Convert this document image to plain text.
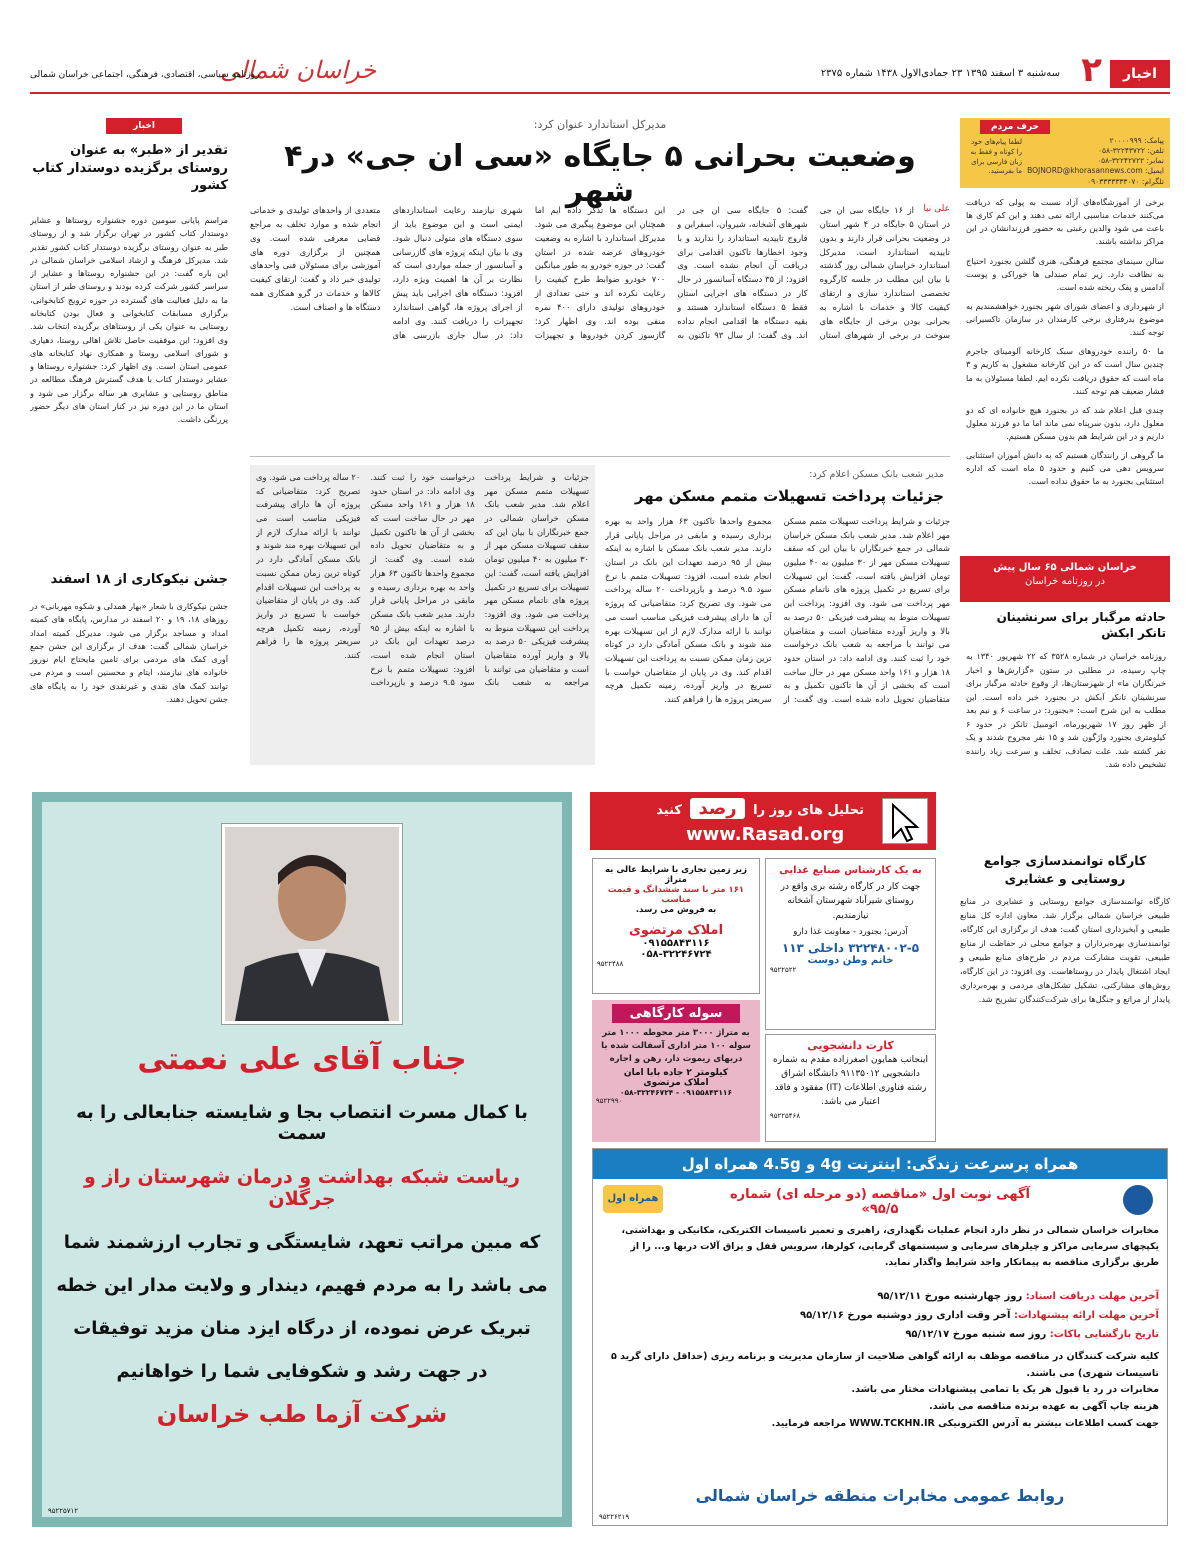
اخبار
۲
سه‌شنبه ۳ اسفند ۱۳۹۵ ۲۳ جمادی‌الاول ۱۴۳۸ شماره ۲۳۷۵
خراسان شمالی
روزنامه سیاسی، اقتصادی، فرهنگی، اجتماعی خراسان شمالی
حرف مردم
پیامک: ۲۰۰۰۰۹۹۹
تلفن: ۳۲۲۴۳۷۲۲-۰۵۸
نمابر: ۳۲۲۴۲۷۲۲-۰۵۸
ایمیل: BOJNORD@khorasannews.com
تلگرام: ۰۹۰۳۳۳۳۳۳۳۰۷۰
لطفا پیام‌های خود را کوتاه و فقط به زبان فارسی برای ما بفرستید.

برخی از آموزشگاه‌های آزاد نسبت به پولی که دریافت می‌کنند خدمات مناسبی ارائه نمی دهند و این کم کاری ها باعث می شود والدین رغبتی به حضور فرزندانشان در این مراکز نداشته باشند.

سالن سینمای مجتمع فرهنگی، هنری گلشن بجنورد احتیاج به نظافت دارد. زیر تمام صندلی ها خوراکی و پوست آدامس و پفک ریخته شده است.

از شهرداری و اعضای شورای شهر بجنورد خواهشمندیم به موضوع بدرفتاری برخی کارمندان در سازمان تاکسیرانی توجه کنند.

ما ۵۰ راننده خودروهای سبک کارخانه آلومینای جاجرم چندین سال است که در این کارخانه مشغول به کاریم و ۳ ماه است که حقوق دریافت نکرده ایم. لطفا مسئولان به ما فشار ضعیف هم توجه کنند.

چندی قبل اعلام شد که در بجنورد هیچ خانواده ای که دو معلول دارد، بدون سرپناه نمی ماند اما ما دو فرزند معلول داریم و در این شرایط هم بدون مسکن هستیم.

ما گروهی از رانندگان هستیم که به دانش آموزان استثنایی سرویس دهی می کنیم و حدود ۵ ماه است که اداره استثنایی بجنورد به ما حقوق نداده است.

خراسان شمالی ۶۵ سال پیش
در روزنامه خراسان
حادثه مرگبار برای سرنشینان تانکر ابکش
روزنامه خراسان در شماره ۳۵۲۸ که ۲۲ شهریور ۱۳۴۰ به چاپ رسیده، در مطلبی در ستون «گزارش‌ها و اخبار خبرنگاران ما» از شهرستان‌ها، از وقوع حادثه مرگبار برای سرنشینان تانکر آبکش در بجنورد خبر داده است. این مطلب به این شرح است: «بجنورد: در ساعت ۶ و نیم بعد از ظهر روز ۱۷ شهریورماه، اتومبیل تانکر در حدود ۶ کیلومتری بجنورد واژگون شد و ۱۵ نفر مجروح شدند و یک نفر کشته شد. علت تصادف، تخلف و سرعت زیاد راننده تشخیص داده شد.
کارگاه توانمندسازی جوامع روستایی و عشایری
کارگاه توانمندسازی جوامع روستایی و عشایری در منابع طبیعی خراسان شمالی برگزار شد. معاون اداره کل منابع طبیعی و آبخیزداری استان گفت: هدف از برگزاری این کارگاه، توانمندسازی بهره‌برداران و جوامع محلی در حفاظت از منابع طبیعی، تقویت مشارکت مردم در طرح‌های منابع طبیعی و ایجاد اشتغال پایدار در روستاهاست. وی افزود: در این کارگاه، روش‌های مشارکتی، تشکیل تشکل‌های مردمی و بهره‌برداری پایدار از مراتع و جنگل‌ها برای شرکت‌کنندگان تشریح شد.
مدیرکل استاندارد عنوان کرد:
وضعیت بحرانی ۵ جایگاه «سی ان جی» در۴ شهر	علی نیا
از ۱۶ جایگاه سی ان جی در استان ۵ جایگاه در ۴ شهر استان در وضعیت بحرانی قرار دارند و بدون تاییدیه استاندارد است. مدیرکل استاندارد خراسان شمالی روز گذشته با بیان این مطلب در جلسه کارگروه تخصصی استاندارد سازی و ارتقای کیفیت کالا و خدمات با اشاره به بحرانی بودن برخی از جایگاه های سوخت در برخی از شهرهای استان گفت: ۵ جایگاه سی ان جی در شهرهای آشخانه، شیروان، اسفراین و فاروج تاییدیه استاندارد را ندارند و با وجود اخطارها تاکنون اقدامی برای دریافت آن انجام نشده است. وی افزود: از ۳۵ دستگاه آسانسور در حال کار در دستگاه های اجرایی استان فقط ۵ دستگاه استاندارد هستند و بقیه دستگاه ها اقدامی انجام نداده اند. وی گفت: از سال ۹۳ تاکنون به این دستگاه ها تذکر داده ایم اما همچنان این موضوع پیگیری می شود. مدیرکل استاندارد با اشاره به وضعیت خودروهای عرضه شده در استان گفت: در حوزه خودرو به طور میانگین ۷۰۰ خودرو ضوابط طرح کیفیت را رعایت نکرده اند و حتی تعدادی از خودروهای تولیدی دارای ۴۰۰ نمره منفی بوده اند. وی اظهار کرد: گازسوز کردن خودروها و تجهیزات شهری نیازمند رعایت استانداردهای ایمنی است و این موضوع باید از سوی دستگاه های متولی دنبال شود. وی با بیان اینکه پروژه های گازرسانی و آسانسور از جمله مواردی است که نظارت بر آن ها اهمیت ویژه دارد، افزود: دستگاه های اجرایی باید پیش از اجرای پروژه ها، گواهی استاندارد تجهیزات را دریافت کنند. وی ادامه داد: در سال جاری بازرسی های متعددی از واحدهای تولیدی و خدماتی انجام شده و موارد تخلف به مراجع قضایی معرفی شده است. وی همچنین از برگزاری دوره های آموزشی برای مسئولان فنی واحدهای تولیدی خبر داد و گفت: ارتقای کیفیت کالاها و خدمات در گرو همکاری همه دستگاه ها و اصناف است.
اخبار
تقدیر از «طبر» به عنوان روستای برگزیده دوستدار کتاب کشور
مراسم پایانی سومین دوره جشنواره روستاها و عشایر دوستدار کتاب کشور در تهران برگزار شد و از روستای طبر به عنوان روستای برگزیده دوستدار کتاب کشور تقدیر شد. مدیرکل فرهنگ و ارشاد اسلامی خراسان شمالی در این باره گفت: در این جشنواره روستاها و عشایر از سراسر کشور شرکت کرده بودند و روستای طبر از استان ما به دلیل فعالیت های گسترده در حوزه ترویج کتابخوانی، برگزاری مسابقات کتابخوانی و فعال بودن کتابخانه روستایی به عنوان یکی از روستاهای برگزیده انتخاب شد. وی افزود: این موفقیت حاصل تلاش اهالی روستا، دهیاری و شورای اسلامی روستا و همکاری نهاد کتابخانه های عمومی استان است. وی اظهار کرد: جشنواره روستاها و عشایر دوستدار کتاب با هدف گسترش فرهنگ مطالعه در مناطق روستایی و عشایری هر ساله برگزار می شود و استان ما در این دوره نیز در کنار استان های دیگر حضور پررنگی داشت.
جشن نیکوکاری از ۱۸ اسفند
جشن نیکوکاری با شعار «بهار همدلی و شکوه مهربانی» در روزهای ۱۸، ۱۹ و ۲۰ اسفند در مدارس، پایگاه های کمیته امداد و مساجد برگزار می شود. مدیرکل کمیته امداد خراسان شمالی گفت: هدف از برگزاری این جشن جمع آوری کمک های مردمی برای تامین مایحتاج ایام نوروز خانواده های نیازمند، ایتام و محسنین است و مردم می توانند کمک های نقدی و غیرنقدی خود را به پایگاه های جشن تحویل دهند.
جزئیات و شرایط پرداخت تسهیلات متمم مسکن مهر اعلام شد. مدیر شعب بانک مسکن خراسان شمالی در جمع خبرنگاران با بیان این که سقف تسهیلات مسکن مهر از ۳۰ میلیون به ۴۰ میلیون تومان افزایش یافته است، گفت: این تسهیلات برای تسریع در تکمیل پروژه های ناتمام مسکن مهر پرداخت می شود. وی افزود: پرداخت این تسهیلات منوط به پیشرفت فیزیکی ۵۰ درصد به بالا و واریز آورده متقاضیان است و متقاضیان می توانند با مراجعه به شعب بانک درخواست خود را ثبت کنند. وی ادامه داد: در استان حدود ۱۸ هزار و ۱۶۱ واحد مسکن مهر در حال ساخت است که بخشی از آن ها تاکنون تکمیل و به متقاضیان تحویل داده شده است. وی گفت: از مجموع واحدها تاکنون ۶۳ هزار واحد به بهره برداری رسیده و مابقی در مراحل پایانی قرار دارند. مدیر شعب بانک مسکن با اشاره به اینکه بیش از ۹۵ درصد تعهدات این بانک در استان انجام شده است، افزود: تسهیلات متمم با نرخ سود ۹.۵ درصد و بازپرداخت ۲۰ ساله پرداخت می شود. وی تصریح کرد: متقاضیانی که پروژه آن ها دارای پیشرفت فیزیکی مناسب است می توانند با ارائه مدارک لازم از این تسهیلات بهره مند شوند و بانک مسکن آمادگی دارد در کوتاه ترین زمان ممکن نسبت به پرداخت این تسهیلات اقدام کند. وی در پایان از متقاضیان خواست با تسریع در واریز آورده، زمینه تکمیل هرچه سریعتر پروژه ها را فراهم کنند.
مدیر شعب بانک مسکن اعلام کرد:
جزئیات پرداخت تسهیلات متمم مسکن مهر
جزئیات و شرایط پرداخت تسهیلات متمم مسکن مهر اعلام شد. مدیر شعب بانک مسکن خراسان شمالی در جمع خبرنگاران با بیان این که سقف تسهیلات مسکن مهر از ۳۰ میلیون به ۴۰ میلیون تومان افزایش یافته است، گفت: این تسهیلات برای تسریع در تکمیل پروژه های ناتمام مسکن مهر پرداخت می شود. وی افزود: پرداخت این تسهیلات منوط به پیشرفت فیزیکی ۵۰ درصد به بالا و واریز آورده متقاضیان است و متقاضیان می توانند با مراجعه به شعب بانک درخواست خود را ثبت کنند. وی ادامه داد: در استان حدود ۱۸ هزار و ۱۶۱ واحد مسکن مهر در حال ساخت است که بخشی از آن ها تاکنون تکمیل و به متقاضیان تحویل داده شده است. وی گفت: از مجموع واحدها تاکنون ۶۳ هزار واحد به بهره برداری رسیده و مابقی در مراحل پایانی قرار دارند. مدیر شعب بانک مسکن با اشاره به اینکه بیش از ۹۵ درصد تعهدات این بانک در استان انجام شده است، افزود: تسهیلات متمم با نرخ سود ۹.۵ درصد و بازپرداخت ۲۰ ساله پرداخت می شود. وی تصریح کرد: متقاضیانی که پروژه آن ها دارای پیشرفت فیزیکی مناسب است می توانند با ارائه مدارک لازم از این تسهیلات بهره مند شوند و بانک مسکن آمادگی دارد در کوتاه ترین زمان ممکن نسبت به پرداخت این تسهیلات اقدام کند. وی در پایان از متقاضیان خواست با تسریع در واریز آورده، زمینه تکمیل هرچه سریعتر پروژه ها را فراهم کنند.
تحلیل های روز را رصد کنید
www.Rasad.org
به یک کارشناس صنایع غذایی
جهت کار در کارگاه رشته بری واقع در روستای شیرآباد شهرستان آشخانه نیازمندیم.
آدرس: بجنورد - معاونت غذا دارو
۳۲۲۴۸۰۰۲-۵ داخلی ۱۱۳
خانم وطن دوست
۹۵۲۲۵۲۲
زیر زمین تجاری با شرایط عالی به متراژ
۱۶۱ متر با سند ششدانگ و قیمت مناسب
به فروش می رسد.
املاک مرتضوی
۰۹۱۵۵۸۴۳۱۱۶
۰۵۸-۳۲۲۴۶۷۲۴
۹۵۲۲۴۸۸
کارت دانشجویی
اینجانب همایون اصغرزاده مقدم به شماره دانشجویی ۹۱۱۳۵۰۱۲ دانشگاه اشراق رشته فناوری اطلاعات (IT) مفقود و فاقد اعتبار می باشد.
۹۵۲۲۵۴۶۸
سوله کارگاهی
به متراژ ۳۰۰۰ متر محوطه ۱۰۰۰ متر سوله ۱۰۰ متر اداری آسفالت شده با دربهای ریموت دار، رهن و اجاره
کیلومتر ۲ جاده بابا امان
املاک مرتضوی
۰۹۱۵۵۸۴۳۱۱۶ - ۰۵۸-۳۲۲۴۶۷۲۴
۹۵۲۲۹۹۰
جناب آقای علی نعمتی
با کمال مسرت انتصاب بجا و شایسته جنابعالی را به سمت
ریاست شبکه بهداشت و درمان شهرستان راز و جرگلان
که مبین مراتب تعهد، شایستگی و تجارب ارزشمند شما
می باشد را به مردم فهیم، دیندار و ولایت مدار این خطه
تبریک عرض نموده، از درگاه ایزد منان مزید توفیقات
در جهت رشد و شکوفایی شما را خواهانیم
شرکت آزما طب خراسان
۹۵۲۲۵۷۱۲
همراه پرسرعت زندگی: اینترنت 4g و 4.5g همراه اول
آگهی نوبت اول «مناقصه (دو مرحله ای) شماره ۹۵/۵»
همراه اول
مخابرات خراسان شمالی در نظر دارد انجام عملیات نگهداری، راهبری و تعمیر تاسیسات الکتریکی، مکانیکی و بهداشتی، یکپچهای سرمایی مراکز و چیلرهای سرمایی و سیستمهای گرمایی، کولرها، سرویس قفل و یراق آلات دربها و... را از طریق برگزاری مناقصه به پیمانکار واجد شرایط واگذار نماید.
آخرین مهلت دریافت اسناد: روز چهارشنبه مورخ ۹۵/۱۲/۱۱
آخرین مهلت ارائه پیشنهادات: آخر وقت اداری روز دوشنبه مورخ ۹۵/۱۲/۱۶
تاریخ بازگشایی پاکات: روز سه شنبه مورخ ۹۵/۱۲/۱۷
کلیه شرکت کنندگان در مناقصه موظف به ارائه گواهی صلاحیت از سازمان مدیریت و برنامه ریزی (حداقل دارای گرید ۵ تاسیسات شهری) می باشند.
مخابرات در رد یا قبول هر یک یا تمامی پیشنهادات مختار می باشد.
هزینه چاپ آگهی به عهده برنده مناقصه می باشد.
جهت کسب اطلاعات بیشتر به آدرس الکترونیکی WWW.TCKHN.IR مراجعه فرمایید.
روابط عمومی مخابرات منطقه خراسان شمالی
۹۵۲۲۶۲۱۹
